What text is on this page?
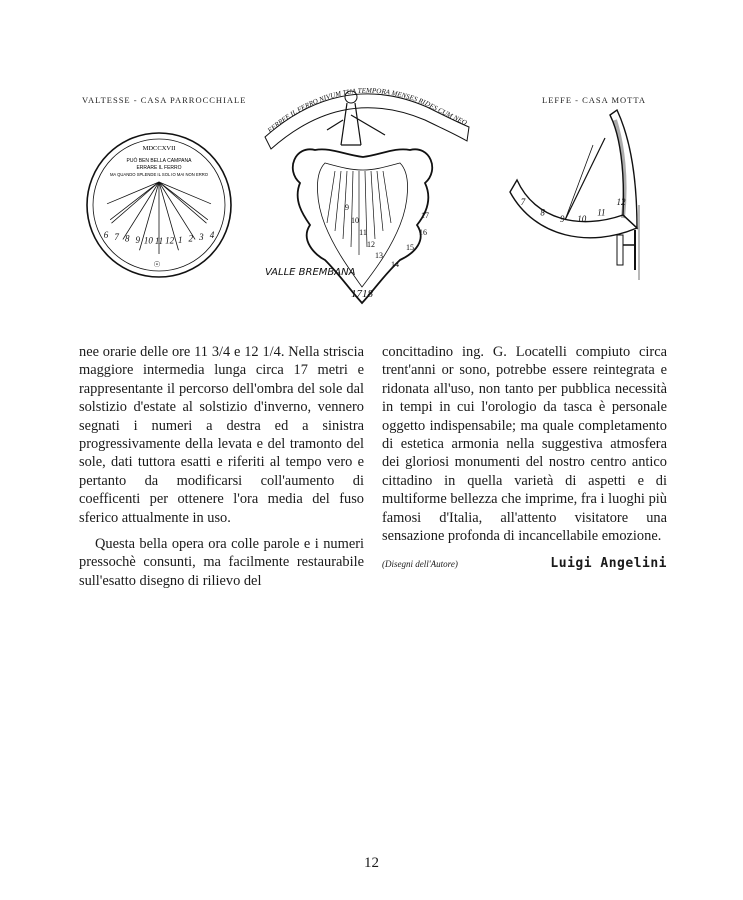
VALTESSE - CASA PARROCCHIALE	LEFFE - CASA MOTTA
MDCCXVII
PUÒ BEN BELLA CAMPANA
ERRARE IL FERRO
MA QUANDO SPLENDE IL SOL IO MAI NON ERRO
6 7 8 9 10 11 12 1 2 3 4
☉
FERREE IL FERRO NIVUM TUA TEMPORA MENSES RIDES CUM NEO LUNA SIAS
9
10
11
12
13
14
15
16
17
VALLE BREMBANA
1718
7
8
9 10
11
12

nee orarie delle ore 11 3/4 e 12 1/4. Nella striscia maggiore intermedia lunga circa 17 metri e rappresentante il percorso dell'ombra del sole dal solstizio d'estate al solstizio d'inverno, vennero segnati i numeri a destra ed a sinistra progressivamente della levata e del tramonto del sole, dati tuttora esatti e riferiti al tempo vero e pertanto da modificarsi coll'aumento di coefficenti per ottenere l'ora media del fuso sferico attualmente in uso.

Questa bella opera ora colle parole e i numeri pressochè consunti, ma facilmente restaurabile sull'esatto disegno di rilievo del

concittadino ing. G. Locatelli compiuto circa trent'anni or sono, potrebbe essere reintegrata e ridonata all'uso, non tanto per pubblica necessità in tempi in cui l'orologio da tasca è personale oggetto indispensabile; ma quale completamento di estetica armonia nella suggestiva atmosfera dei gloriosi monumenti del nostro centro antico cittadino in quella varietà di aspetti e di multiforme bellezza che imprime, fra i luoghi più famosi d'Italia, all'attento visitatore una sensazione profonda di incancellabile emozione.

(Disegni dell'Autore)	Luigi Angelini
12
